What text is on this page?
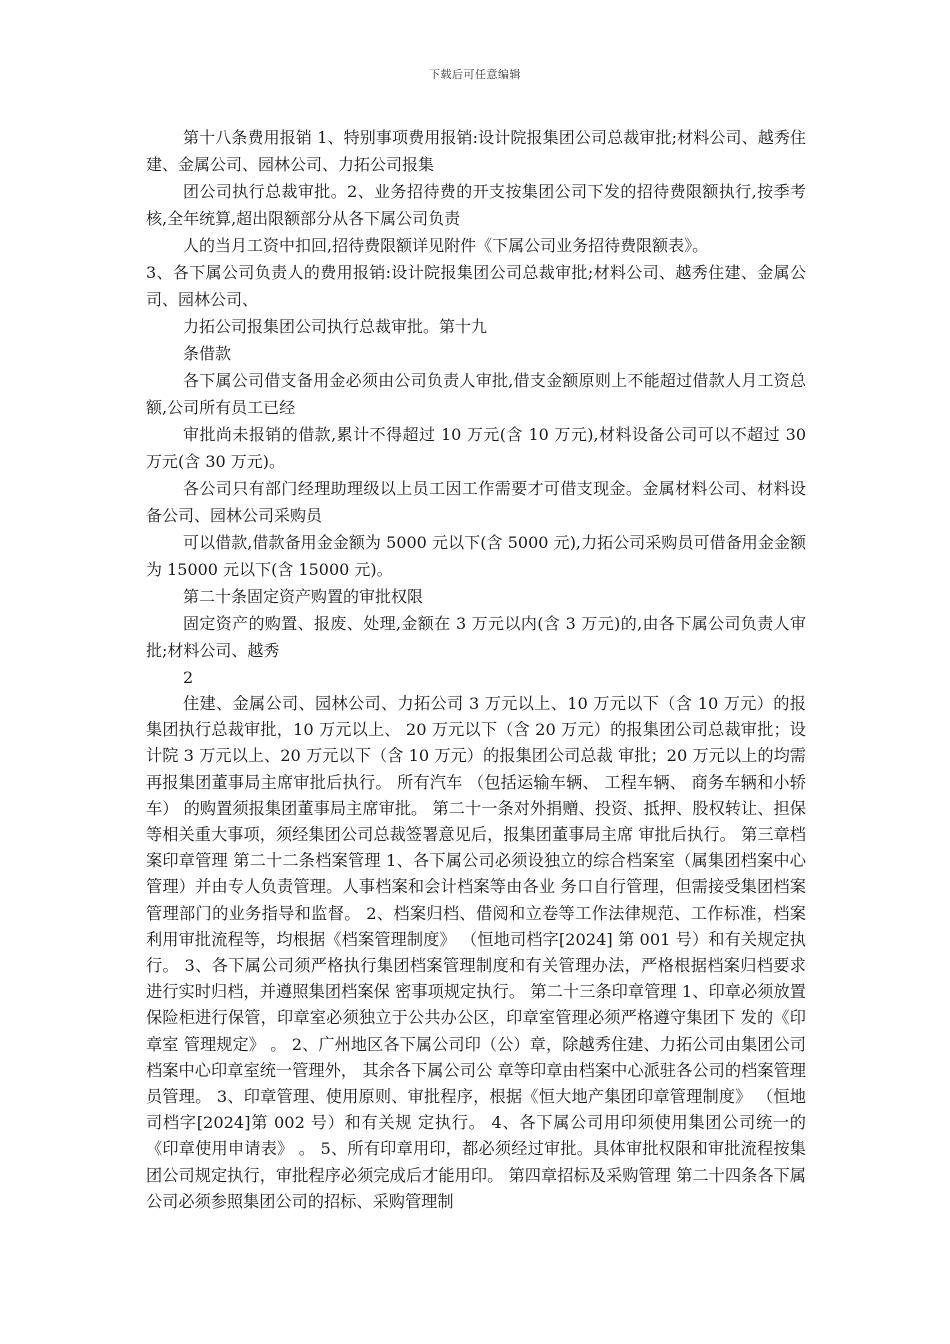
下载后可任意编辑

第十八条费用报销 1、特别事项费用报销:设计院报集团公司总裁审批;材料公司、越秀住建、金属公司、园林公司、力拓公司报集

团公司执行总裁审批。2、业务招待费的开支按集团公司下发的招待费限额执行,按季考核,全年统算,超出限额部分从各下属公司负责

人的当月工资中扣回,招待费限额详见附件《下属公司业务招待费限额表》。

3、各下属公司负责人的费用报销:设计院报集团公司总裁审批;材料公司、越秀住建、金属公司、园林公司、

力拓公司报集团公司执行总裁审批。第十九

条借款

各下属公司借支备用金必须由公司负责人审批,借支金额原则上不能超过借款人月工资总额,公司所有员工已经

审批尚未报销的借款,累计不得超过 10 万元(含 10 万元),材料设备公司可以不超过 30 万元(含 30 万元)。

各公司只有部门经理助理级以上员工因工作需要才可借支现金。金属材料公司、材料设备公司、园林公司采购员

可以借款,借款备用金金额为 5000 元以下(含 5000 元),力拓公司采购员可借备用金金额为 15000 元以下(含 15000 元)。

第二十条固定资产购置的审批权限

固定资产的购置、报废、处理,金额在 3 万元以内(含 3 万元)的,由各下属公司负责人审批;材料公司、越秀

2

住建、金属公司、园林公司、力拓公司 3 万元以上、10 万元以下（含 10 万元）的报集团执行总裁审批，10 万元以上、 20 万元以下（含 20 万元）的报集团公司总裁审批；设计院 3 万元以上、20 万元以下（含 10 万元）的报集团公司总裁 审批；20 万元以上的均需再报集团董事局主席审批后执行。 所有汽车 （包括运输车辆、 工程车辆、 商务车辆和小轿车） 的购置须报集团董事局主席审批。 第二十一条对外捐赠、投资、抵押、股权转让、担保等相关重大事项，须经集团公司总裁签署意见后，报集团董事局主席 审批后执行。 第三章档案印章管理 第二十二条档案管理 1、各下属公司必须设独立的综合档案室（属集团档案中心管理）并由专人负责管理。人事档案和会计档案等由各业 务口自行管理，但需接受集团档案管理部门的业务指导和监督。 2、档案归档、借阅和立卷等工作法律规范、工作标准，档案利用审批流程等，均根据《档案管理制度》 （恒地司档字[2024] 第 001 号）和有关规定执行。 3、各下属公司须严格执行集团档案管理制度和有关管理办法，严格根据档案归档要求进行实时归档，并遵照集团档案保 密事项规定执行。 第二十三条印章管理 1、印章必须放置保险柜进行保管，印章室必须独立于公共办公区，印章室管理必须严格遵守集团下 发的《印章室 管理规定》 。 2、广州地区各下属公司印（公）章，除越秀住建、力拓公司由集团公司档案中心印章室统一管理外， 其余各下属公司公 章等印章由档案中心派驻各公司的档案管理员管理。 3、印章管理、使用原则、审批程序，根据《恒大地产集团印章管理制度》 （恒地司档字[2024]第 002 号）和有关规 定执行。 4、各下属公司用印须使用集团公司统一的《印章使用申请表》 。 5、所有印章用印，都必须经过审批。具体审批权限和审批流程按集团公司规定执行，审批程序必须完成后才能用印。 第四章招标及采购管理 第二十四条各下属公司必须参照集团公司的招标、采购管理制
